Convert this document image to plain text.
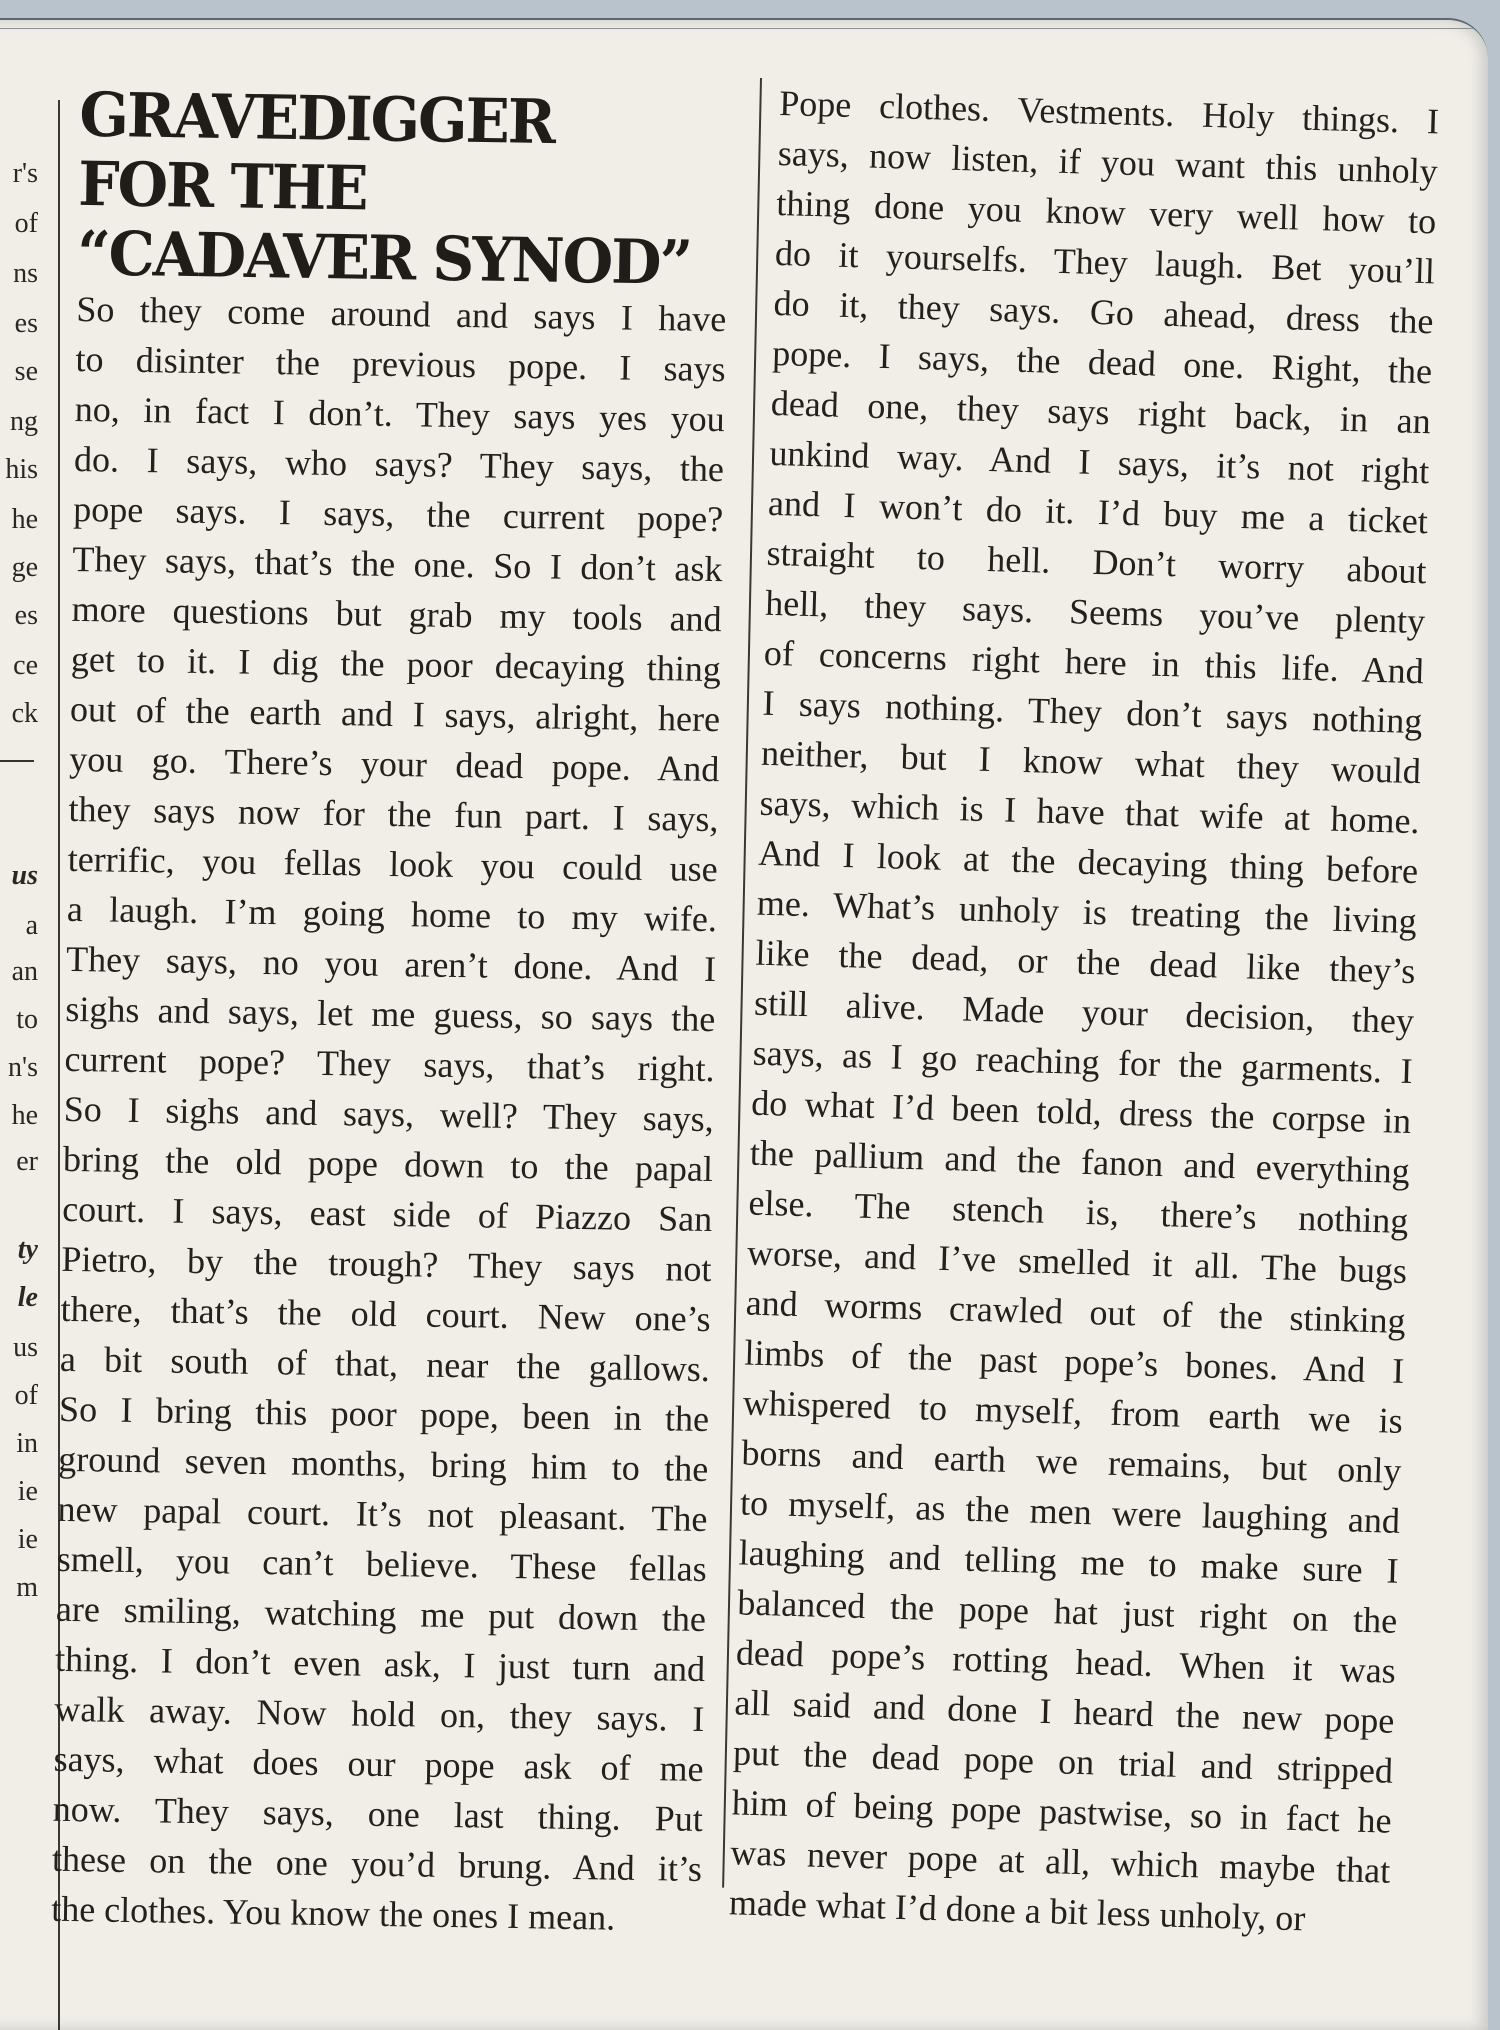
r's
of
ns
es
se
ng
his
he
ge
es
ce
ck
us
a
an
to
n's
he
er
ty
le
us
of
in
ie
ie
m
GRAVEDIGGER
FOR THE
“CADAVER SYNOD”
So they come around and says I have
to disinter the previous pope. I says
no, in fact I don’t. They says yes you
do. I says, who says? They says, the
pope says. I says, the current pope?
They says, that’s the one. So I don’t ask
more questions but grab my tools and
get to it. I dig the poor decaying thing
out of the earth and I says, alright, here
you go. There’s your dead pope. And
they says now for the fun part. I says,
terrific, you fellas look you could use
a laugh. I’m going home to my wife.
They says, no you aren’t done. And I
sighs and says, let me guess, so says the
current pope? They says, that’s right.
So I sighs and says, well? They says,
bring the old pope down to the papal
court. I says, east side of Piazzo San
Pietro, by the trough? They says not
there, that’s the old court. New one’s
a bit south of that, near the gallows.
So I bring this poor pope, been in the
ground seven months, bring him to the
new papal court. It’s not pleasant. The
smell, you can’t believe. These fellas
are smiling, watching me put down the
thing. I don’t even ask, I just turn and
walk away. Now hold on, they says. I
says, what does our pope ask of me
now. They says, one last thing. Put
these on the one you’d brung. And it’s
the clothes. You know the ones I mean.
Pope clothes. Vestments. Holy things. I
says, now listen, if you want this unholy
thing done you know very well how to
do it yourselfs. They laugh. Bet you’ll
do it, they says. Go ahead, dress the
pope. I says, the dead one. Right, the
dead one, they says right back, in an
unkind way. And I says, it’s not right
and I won’t do it. I’d buy me a ticket
straight to hell. Don’t worry about
hell, they says. Seems you’ve plenty
of concerns right here in this life. And
I says nothing. They don’t says nothing
neither, but I know what they would
says, which is I have that wife at home.
And I look at the decaying thing before
me. What’s unholy is treating the living
like the dead, or the dead like they’s
still alive. Made your decision, they
says, as I go reaching for the garments. I
do what I’d been told, dress the corpse in
the pallium and the fanon and everything
else. The stench is, there’s nothing
worse, and I’ve smelled it all. The bugs
and worms crawled out of the stinking
limbs of the past pope’s bones. And I
whispered to myself, from earth we is
borns and earth we remains, but only
to myself, as the men were laughing and
laughing and telling me to make sure I
balanced the pope hat just right on the
dead pope’s rotting head. When it was
all said and done I heard the new pope
put the dead pope on trial and stripped
him of being pope pastwise, so in fact he
was never pope at all, which maybe that
made what I’d done a bit less unholy, or
